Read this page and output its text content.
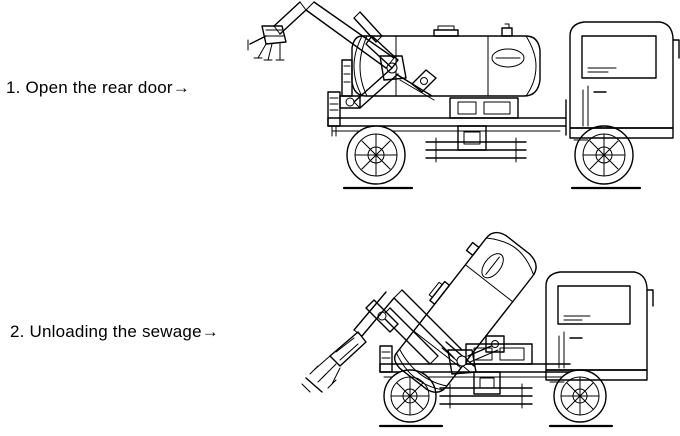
1. Open the rear door→
2. Unloading the sewage→
